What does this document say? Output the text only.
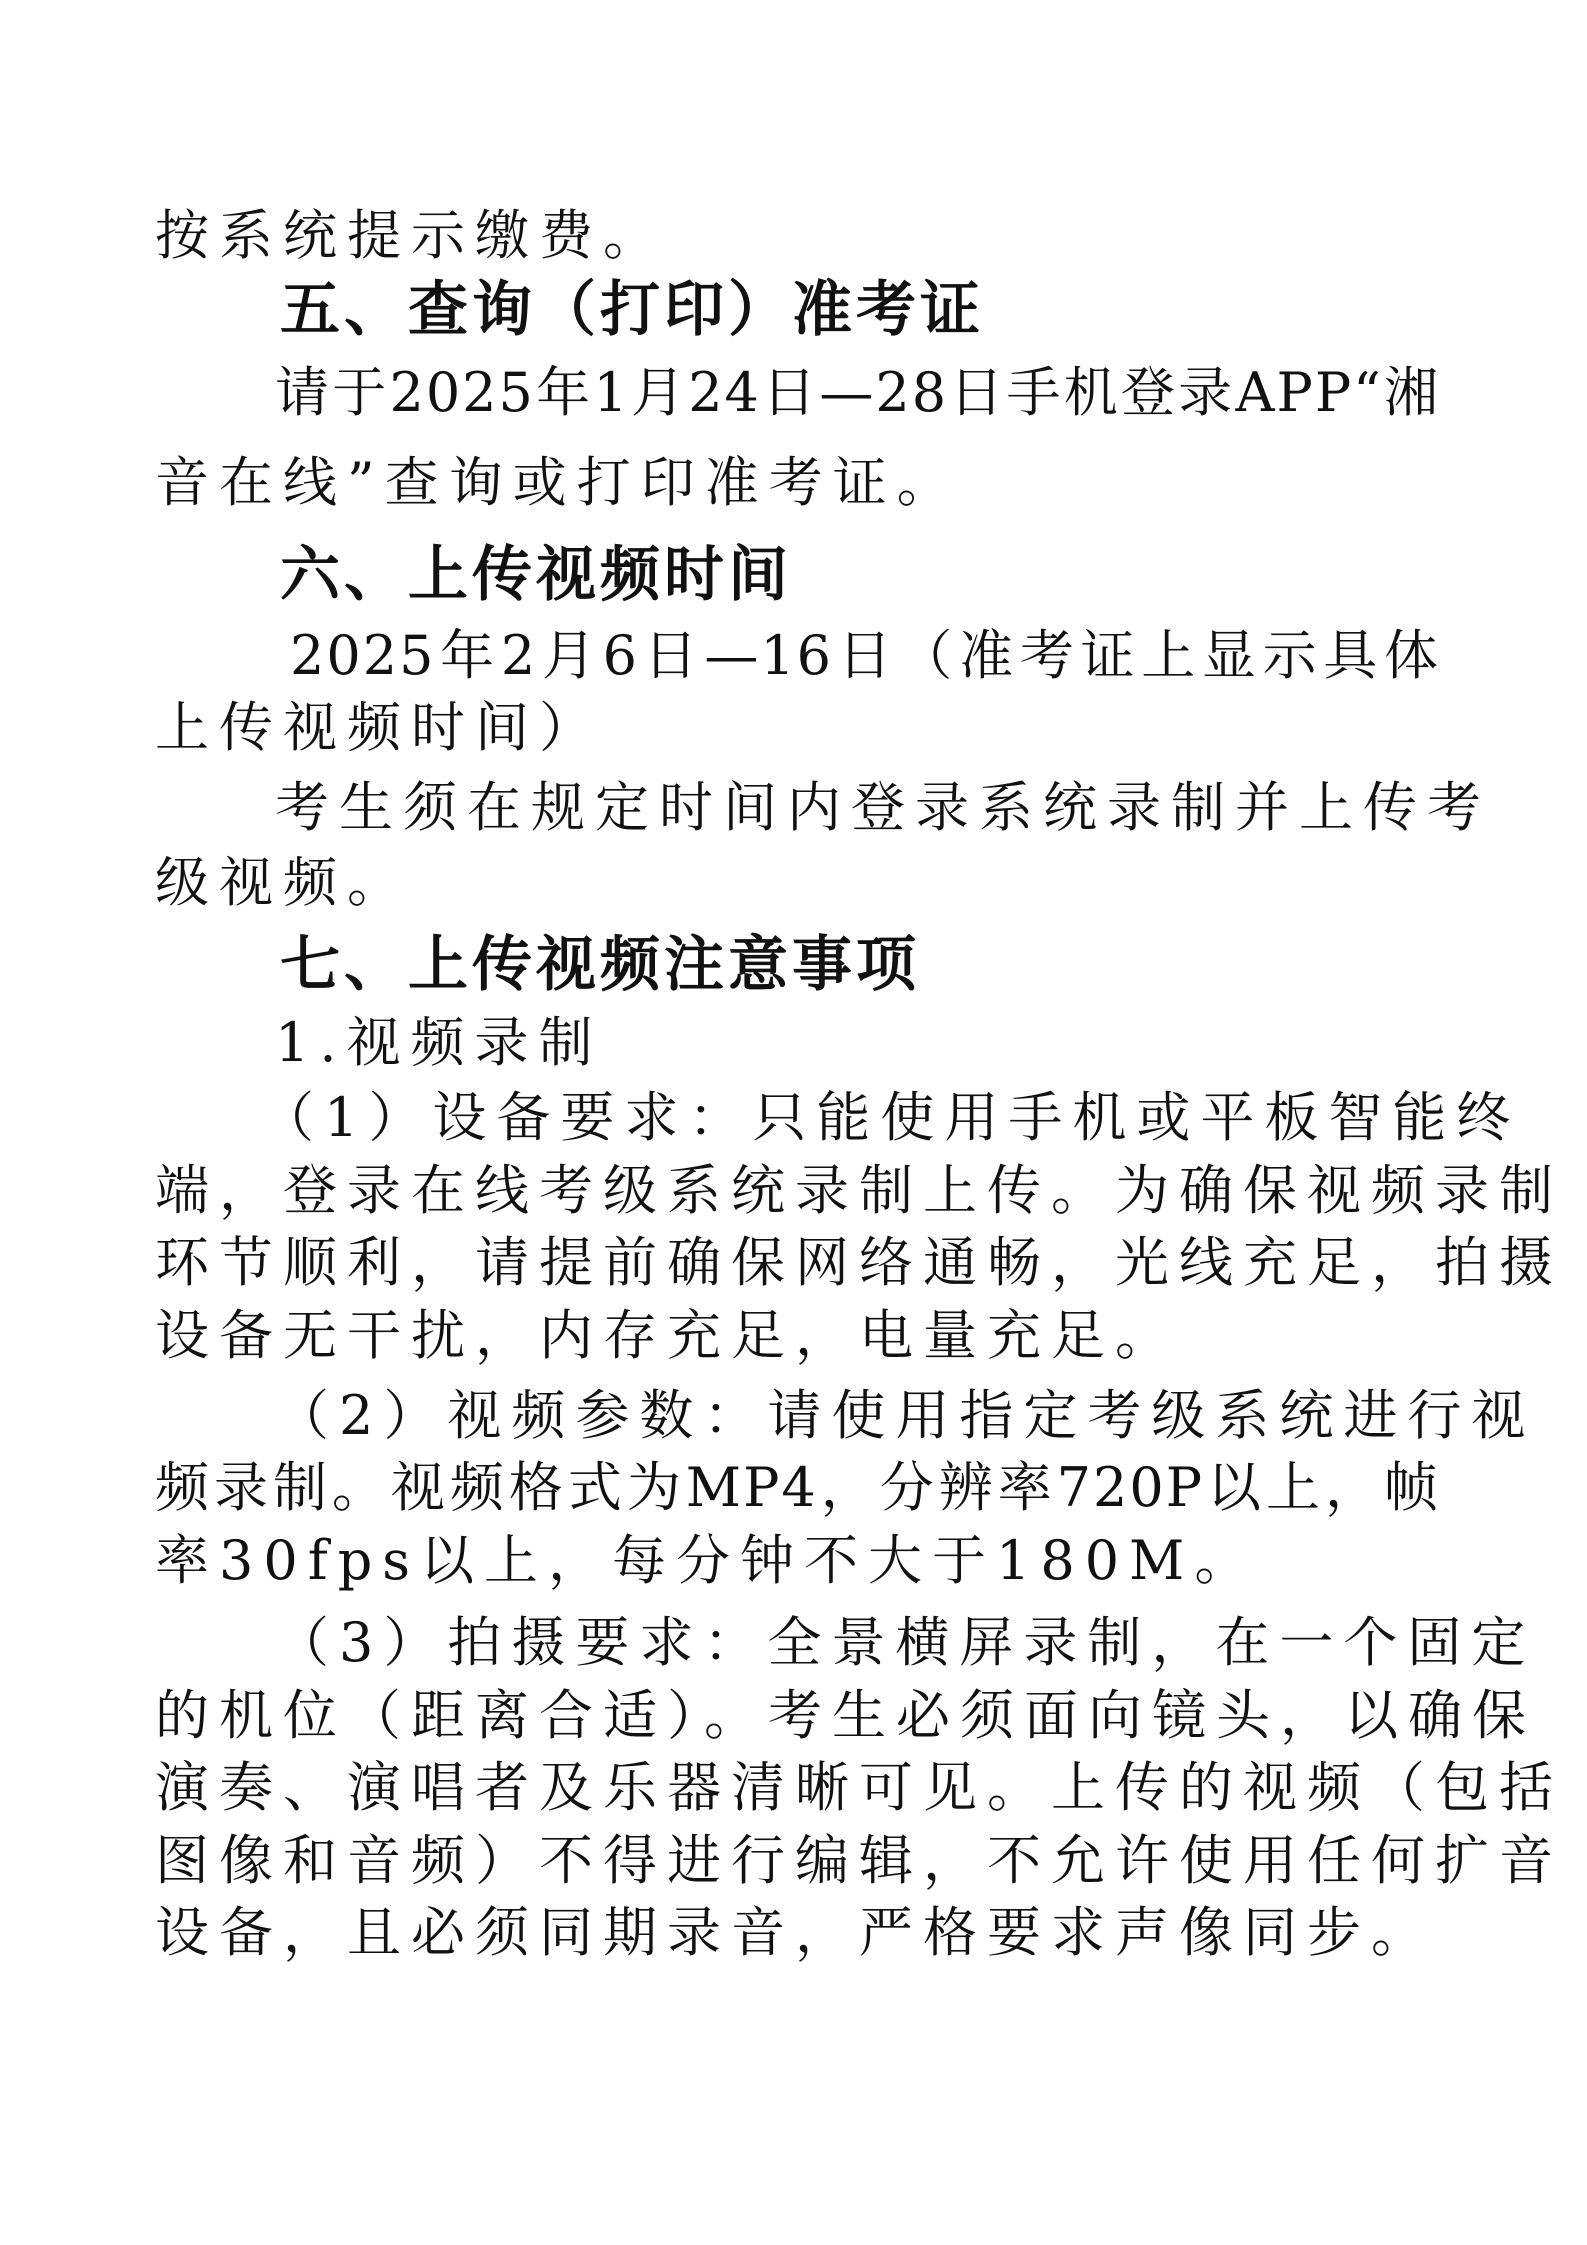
按系统提示缴费。
五、查询（打印）准考证
请于2025年1月24日—28日手机登录APP“湘
音在线”查询或打印准考证。
六、上传视频时间
2025年2月6日—16日（准考证上显示具体
上传视频时间）
考生须在规定时间内登录系统录制并上传考
级视频。
七、上传视频注意事项
1.视频录制
（1）设备要求：只能使用手机或平板智能终
端，登录在线考级系统录制上传。为确保视频录制
环节顺利，请提前确保网络通畅，光线充足，拍摄
设备无干扰，内存充足，电量充足。
（2）视频参数：请使用指定考级系统进行视
频录制。视频格式为MP4，分辨率720P以上，帧
率30fps以上，每分钟不大于180M。
（3）拍摄要求：全景横屏录制，在一个固定
的机位（距离合适）。考生必须面向镜头，以确保
演奏、演唱者及乐器清晰可见。上传的视频（包括
图像和音频）不得进行编辑，不允许使用任何扩音
设备，且必须同期录音，严格要求声像同步。
